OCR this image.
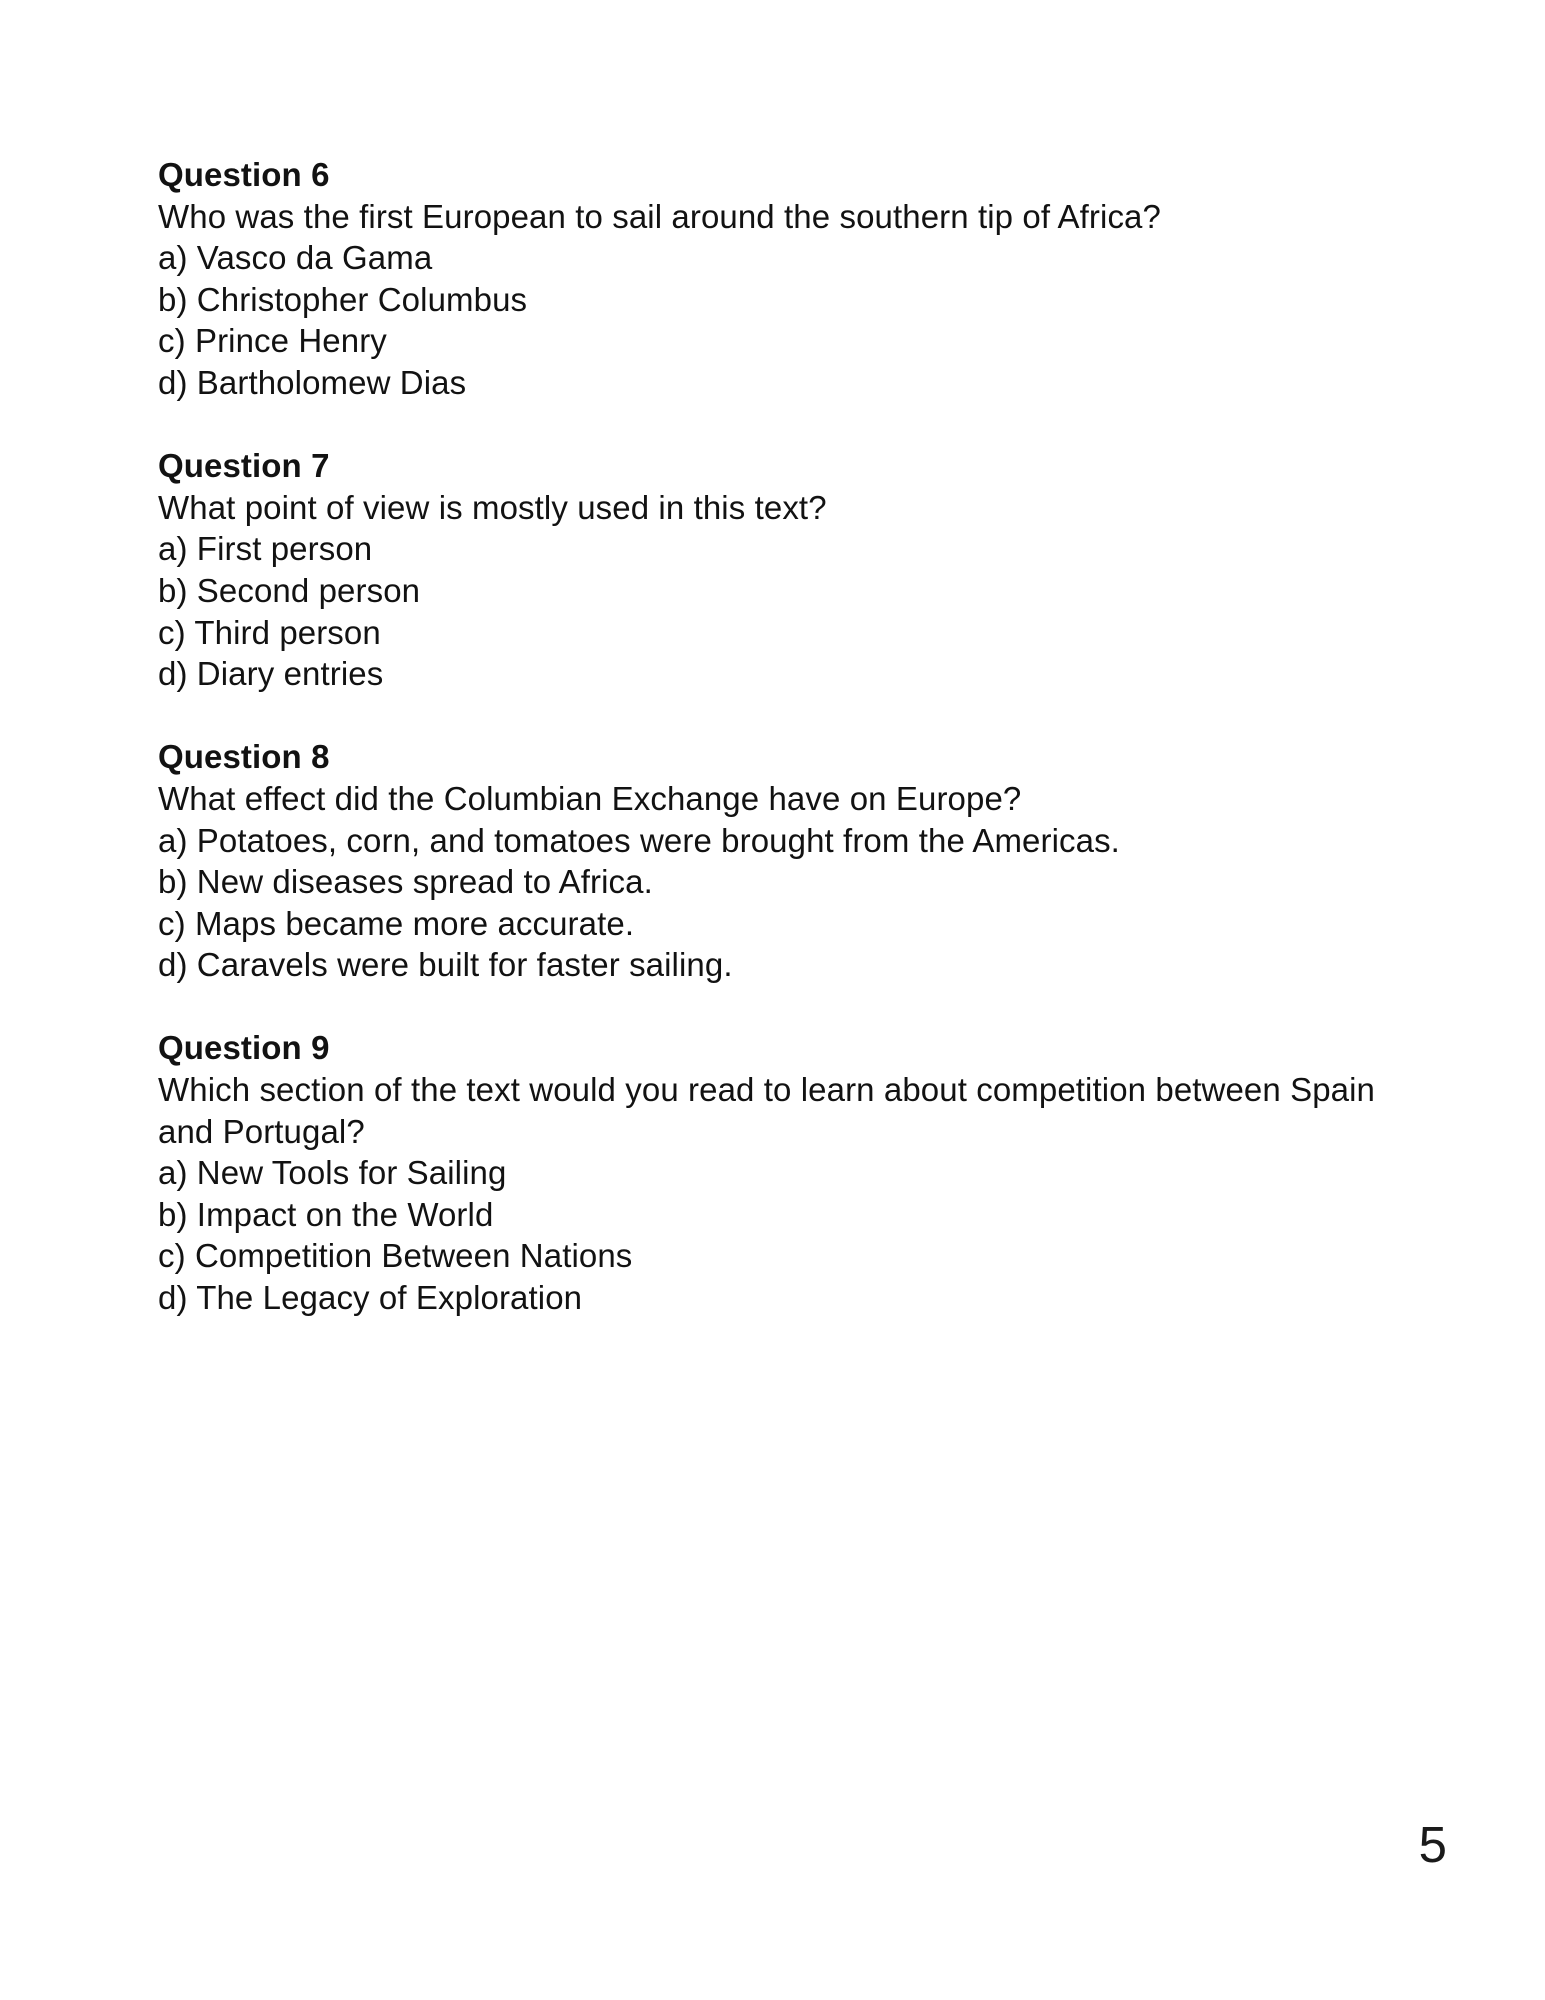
Question 6

Who was the first European to sail around the southern tip of Africa?

a) Vasco da Gama

b) Christopher Columbus

c) Prince Henry

d) Bartholomew Dias

Question 7

What point of view is mostly used in this text?

a) First person

b) Second person

c) Third person

d) Diary entries

Question 8

What effect did the Columbian Exchange have on Europe?

a) Potatoes, corn, and tomatoes were brought from the Americas.

b) New diseases spread to Africa.

c) Maps became more accurate.

d) Caravels were built for faster sailing.

Question 9

Which section of the text would you read to learn about competition between Spain and Portugal?

a) New Tools for Sailing

b) Impact on the World

c) Competition Between Nations

d) The Legacy of Exploration

5
